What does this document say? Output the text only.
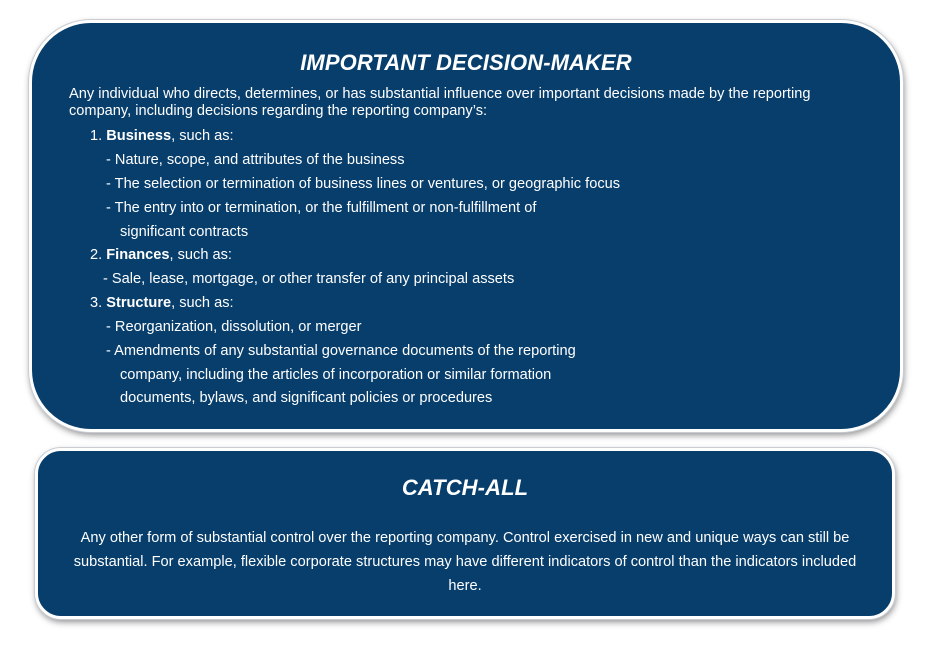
IMPORTANT DECISION-MAKER
Any individual who directs, determines, or has substantial influence over important decisions made by the reporting company, including decisions regarding the reporting company’s:
1. Business, such as:
- Nature, scope, and attributes of the business
- The selection or termination of business lines or ventures, or geographic focus
- The entry into or termination, or the fulfillment or non-fulfillment of
significant contracts
2. Finances, such as:
- Sale, lease, mortgage, or other transfer of any principal assets
3. Structure, such as:
- Reorganization, dissolution, or merger
- Amendments of any substantial governance documents of the reporting
company, including the articles of incorporation or similar formation
documents, bylaws, and significant policies or procedures
CATCH-ALL
Any other form of substantial control over the reporting company. Control exercised in new and unique ways can still be substantial. For example, flexible corporate structures may have different indicators of control than the indicators included here.
